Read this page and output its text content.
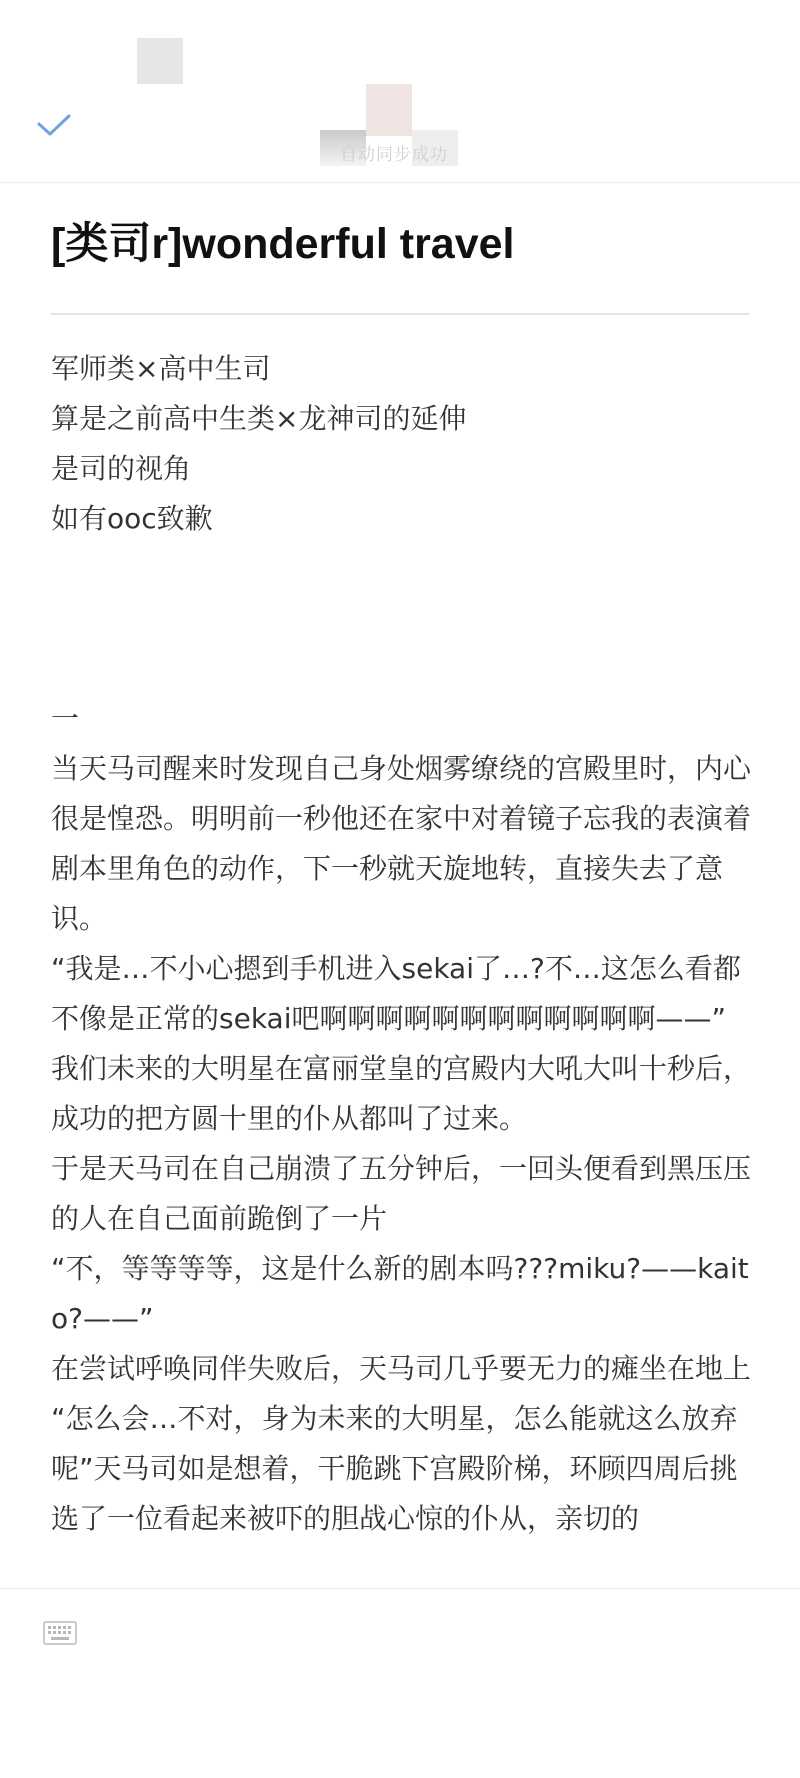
自动同步成功
[类司r]wonderful travel

军师类×高中生司

算是之前高中生类×龙神司的延伸

是司的视角

如有ooc致歉

一

当天马司醒来时发现自己身处烟雾缭绕的宫殿里时，内心很是惶恐。明明前一秒他还在家中对着镜子忘我的表演着剧本里角色的动作，下一秒就天旋地转，直接失去了意识。

“我是…不小心摁到手机进入sekai了…?不…这怎么看都不像是正常的sekai吧啊啊啊啊啊啊啊啊啊啊啊啊——”

我们未来的大明星在富丽堂皇的宫殿内大吼大叫十秒后，成功的把方圆十里的仆从都叫了过来。

于是天马司在自己崩溃了五分钟后，一回头便看到黑压压的人在自己面前跪倒了一片

“不，等等等等，这是什么新的剧本吗???miku?——kaito?——”

在尝试呼唤同伴失败后，天马司几乎要无力的瘫坐在地上

“怎么会…不对，身为未来的大明星，怎么能就这么放弃呢”天马司如是想着，干脆跳下宫殿阶梯，环顾四周后挑选了一位看起来被吓的胆战心惊的仆从，亲切的
